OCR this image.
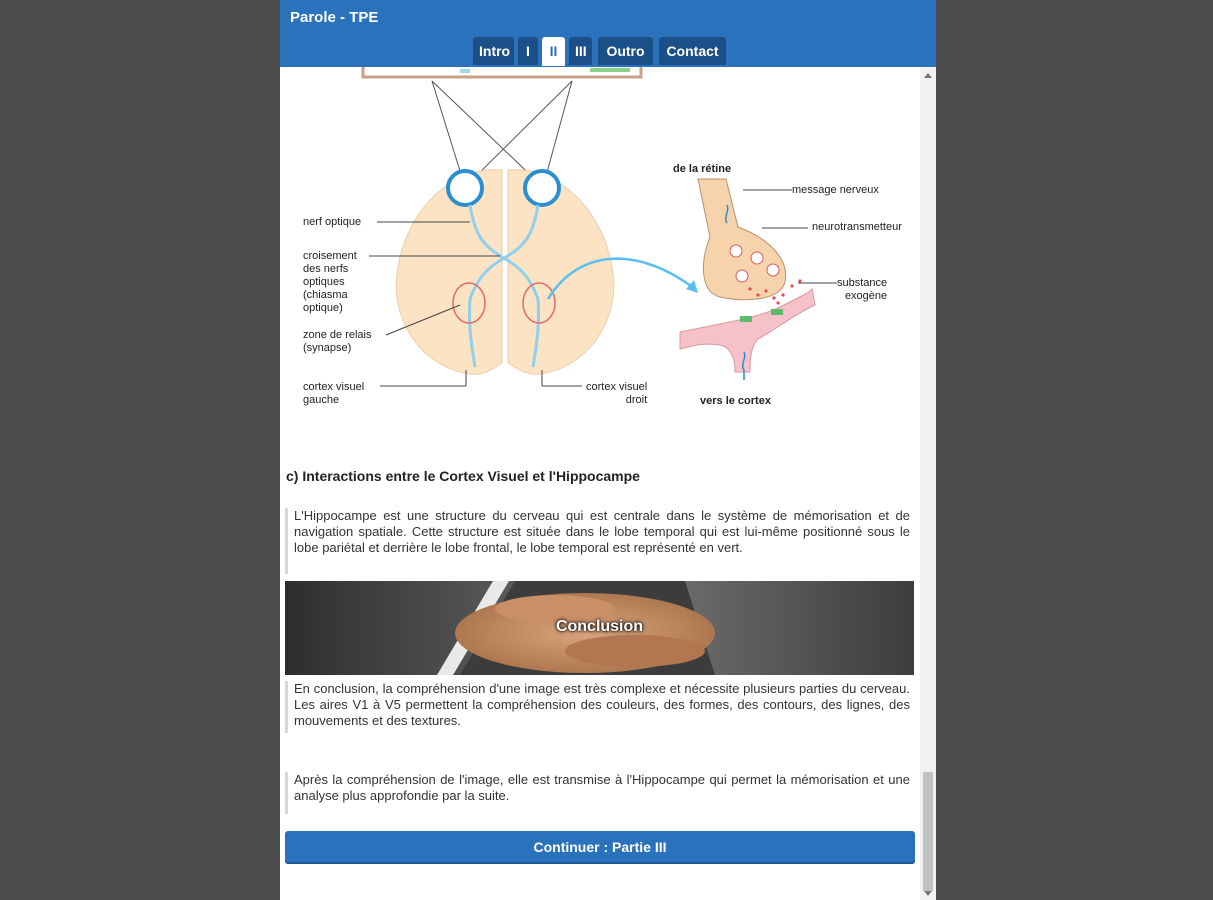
Parole - TPE
Intro	I	II	III	Outro	Contact
nerf optique
croisement
des nerfs
optiques
(chiasma
optique)
zone de relais
(synapse)
cortex visuel
gauche
cortex visuel
droit
de la rétine
message nerveux
neurotransmetteur
substance
exogène
vers le cortex
c) Interactions entre le Cortex Visuel et l'Hippocampe
L'Hippocampe est une structure du cerveau qui est centrale dans le système de mémorisation et de navigation spatiale. Cette structure est située dans le lobe temporal qui est lui-même positionné sous le lobe pariétal et derrière le lobe frontal, le lobe temporal est représenté en vert.
Conclusion
En conclusion, la compréhension d'une image est très complexe et nécessite plusieurs parties du cerveau. Les aires V1 à V5 permettent la compréhension des couleurs, des formes, des contours, des lignes, des mouvements et des textures.
Après la compréhension de l'image, elle est transmise à l'Hippocampe qui permet la mémorisation et une analyse plus approfondie par la suite.
Continuer : Partie III
